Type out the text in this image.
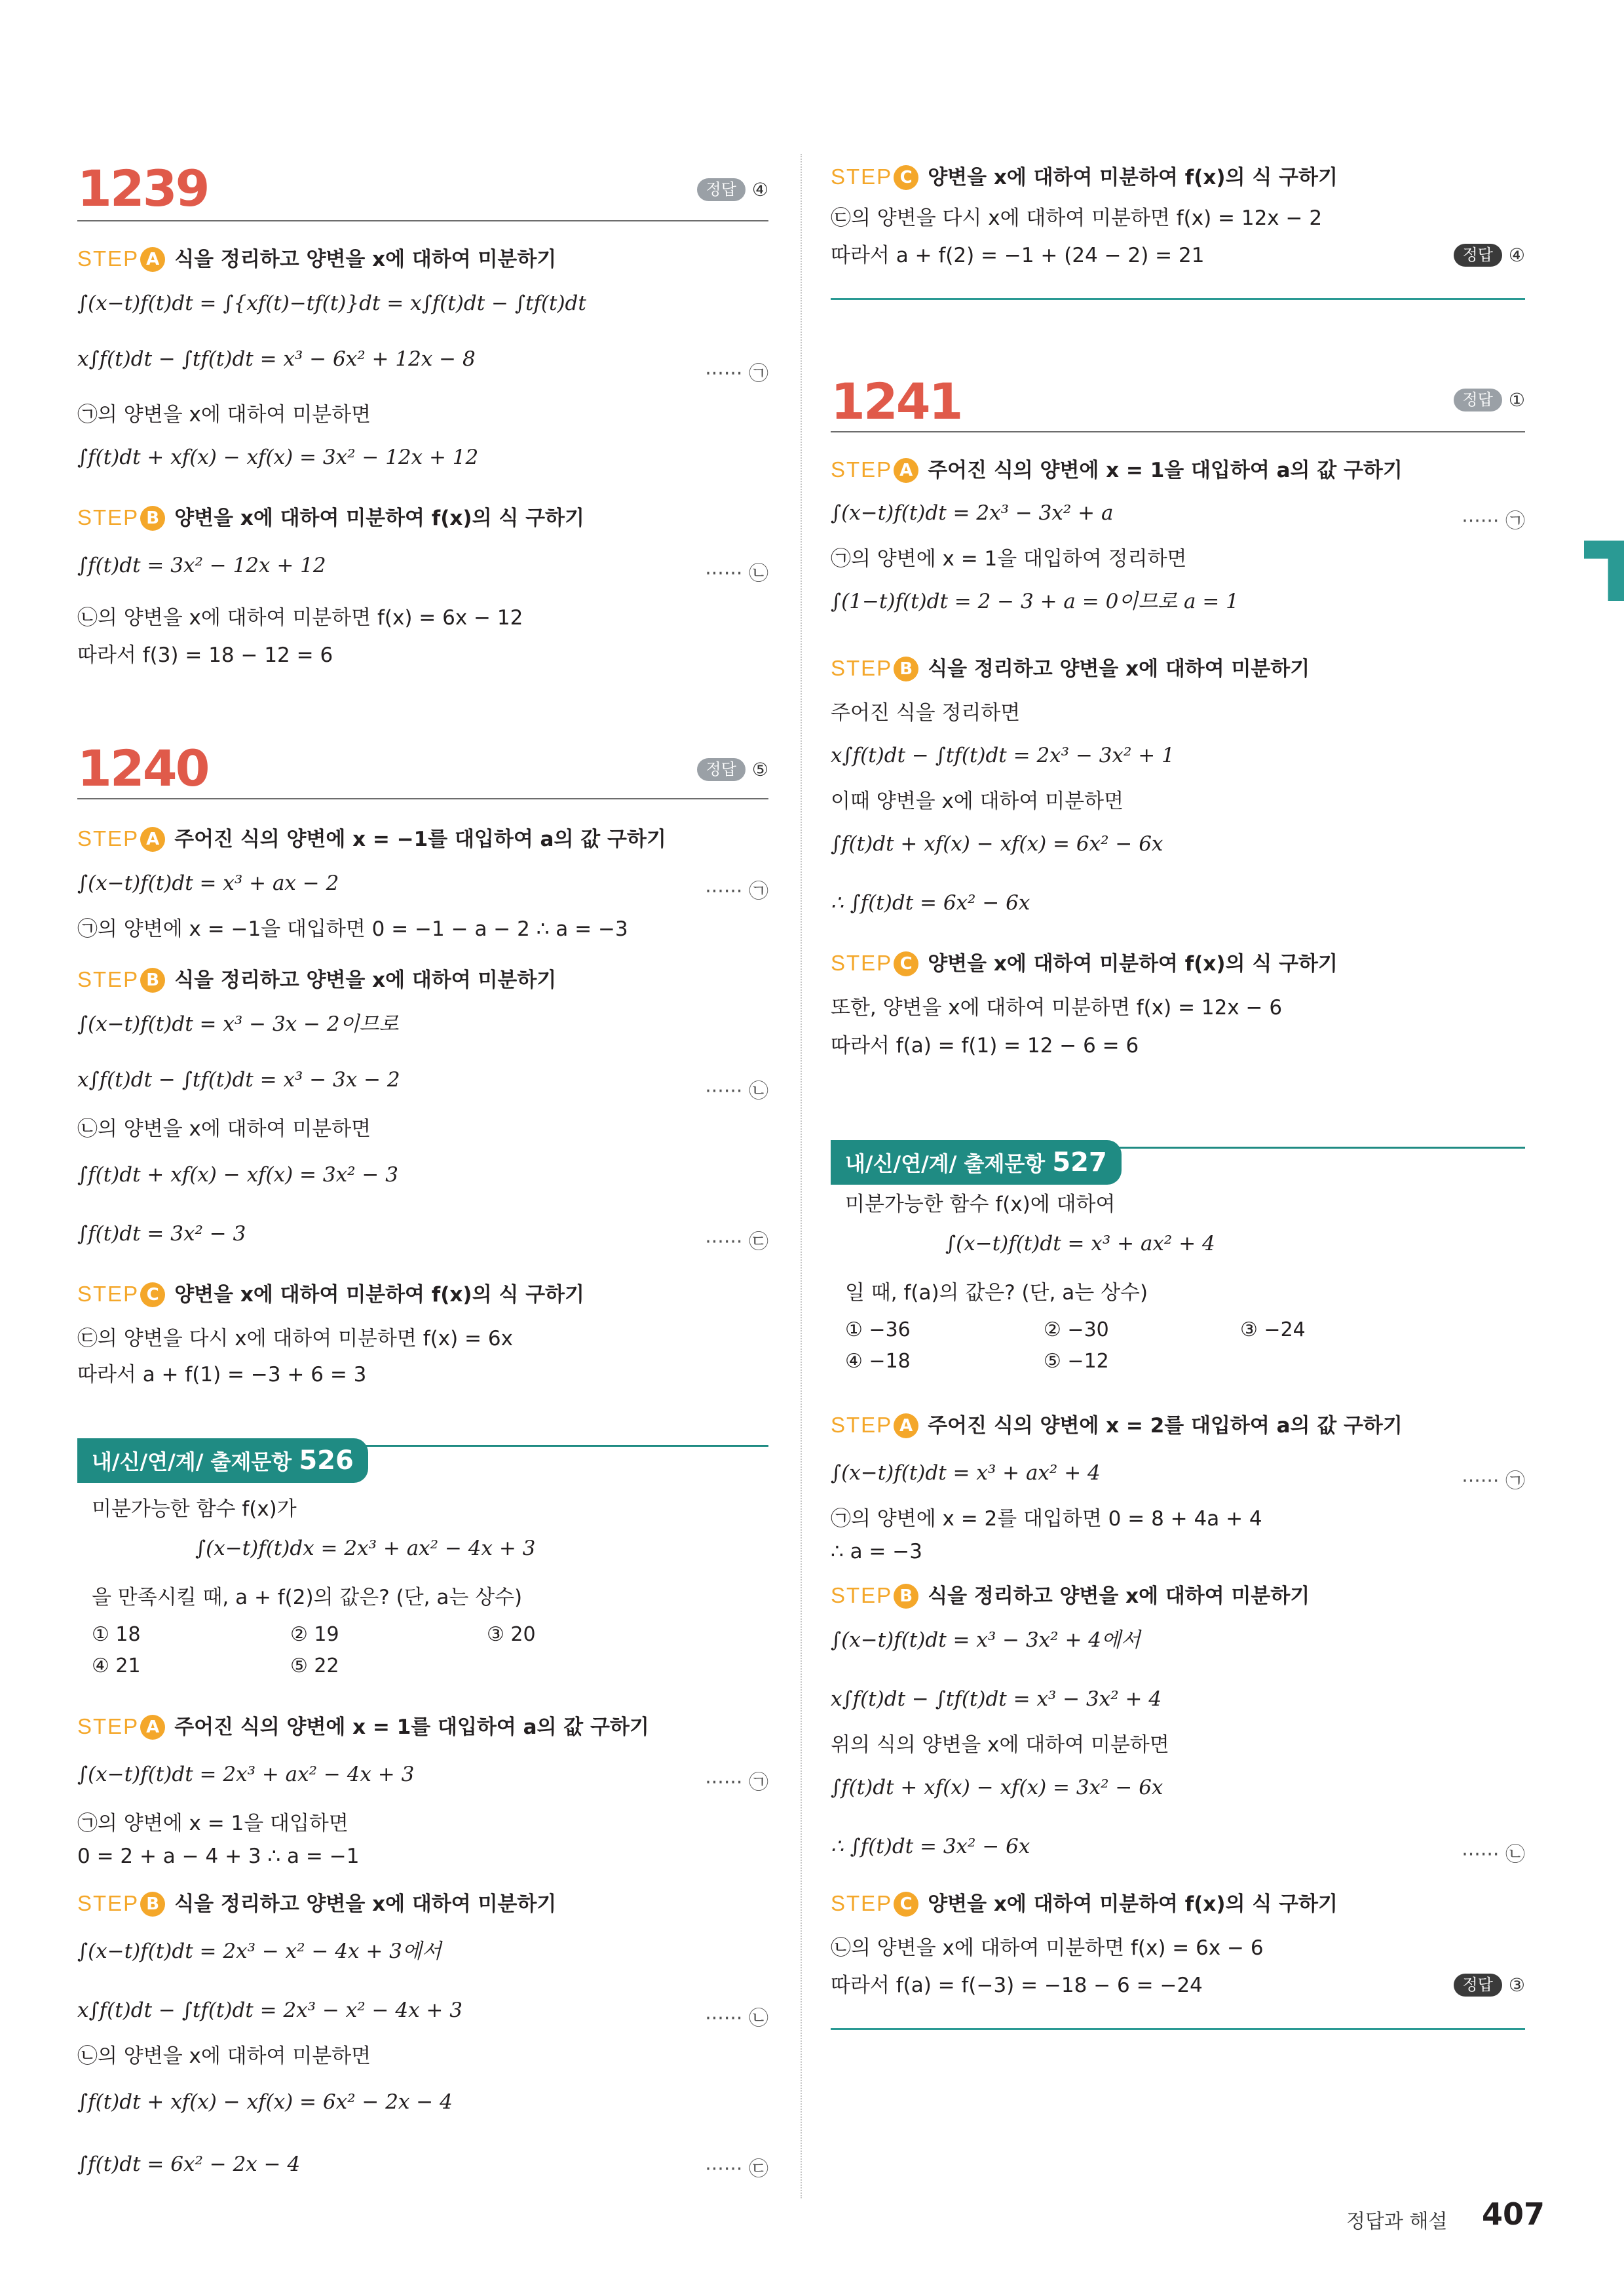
1239	정답 ④
STEP A 식을 정리하고 양변을 x에 대하여 미분하기
∫(x−t)f(t)dt = ∫{xf(t)−tf(t)}dt = x∫f(t)dt − ∫tf(t)dt
x∫f(t)dt − ∫tf(t)dt = x³ − 6x² + 12x − 8
······ ㉠
㉠의 양변을 x에 대하여 미분하면
∫f(t)dt + xf(x) − xf(x) = 3x² − 12x + 12
STEP B 양변을 x에 대하여 미분하여 f(x)의 식 구하기
∫f(t)dt = 3x² − 12x + 12	······ ㉡
㉡의 양변을 x에 대하여 미분하면 f(x) = 6x − 12
따라서 f(3) = 18 − 12 = 6
1240	정답 ⑤
STEP A 주어진 식의 양변에 x = −1를 대입하여 a의 값 구하기
∫(x−t)f(t)dt = x³ + ax − 2	······ ㉠
㉠의 양변에 x = −1을 대입하면 0 = −1 − a − 2 ∴ a = −3
STEP B 식을 정리하고 양변을 x에 대하여 미분하기
∫(x−t)f(t)dt = x³ − 3x − 2이므로
x∫f(t)dt − ∫tf(t)dt = x³ − 3x − 2	······ ㉡
㉡의 양변을 x에 대하여 미분하면
∫f(t)dt + xf(x) − xf(x) = 3x² − 3
∫f(t)dt = 3x² − 3	······ ㉢
STEP C 양변을 x에 대하여 미분하여 f(x)의 식 구하기
㉢의 양변을 다시 x에 대하여 미분하면 f(x) = 6x
따라서 a + f(1) = −3 + 6 = 3
내/신/연/계/ 출제문항 526
미분가능한 함수 f(x)가
∫(x−t)f(t)dx = 2x³ + ax² − 4x + 3
을 만족시킬 때, a + f(2)의 값은? (단, a는 상수)
① 18	② 19	③ 20
④ 21	⑤ 22
STEP A 주어진 식의 양변에 x = 1를 대입하여 a의 값 구하기
∫(x−t)f(t)dt = 2x³ + ax² − 4x + 3	······ ㉠
㉠의 양변에 x = 1을 대입하면
0 = 2 + a − 4 + 3 ∴ a = −1
STEP B 식을 정리하고 양변을 x에 대하여 미분하기
∫(x−t)f(t)dt = 2x³ − x² − 4x + 3에서
x∫f(t)dt − ∫tf(t)dt = 2x³ − x² − 4x + 3	······ ㉡
㉡의 양변을 x에 대하여 미분하면
∫f(t)dt + xf(x) − xf(x) = 6x² − 2x − 4
∫f(t)dt = 6x² − 2x − 4	······ ㉢
STEP C 양변을 x에 대하여 미분하여 f(x)의 식 구하기
㉢의 양변을 다시 x에 대하여 미분하면 f(x) = 12x − 2
따라서 a + f(2) = −1 + (24 − 2) = 21	정답 ④
1241	정답 ①
STEP A 주어진 식의 양변에 x = 1을 대입하여 a의 값 구하기
∫(x−t)f(t)dt = 2x³ − 3x² + a	······ ㉠
㉠의 양변에 x = 1을 대입하여 정리하면
∫(1−t)f(t)dt = 2 − 3 + a = 0이므로 a = 1
STEP B 식을 정리하고 양변을 x에 대하여 미분하기
주어진 식을 정리하면
x∫f(t)dt − ∫tf(t)dt = 2x³ − 3x² + 1
이때 양변을 x에 대하여 미분하면
∫f(t)dt + xf(x) − xf(x) = 6x² − 6x
∴ ∫f(t)dt = 6x² − 6x
STEP C 양변을 x에 대하여 미분하여 f(x)의 식 구하기
또한, 양변을 x에 대하여 미분하면 f(x) = 12x − 6
따라서 f(a) = f(1) = 12 − 6 = 6
내/신/연/계/ 출제문항 527
미분가능한 함수 f(x)에 대하여
∫(x−t)f(t)dt = x³ + ax² + 4
일 때, f(a)의 값은? (단, a는 상수)
① −36	② −30	③ −24
④ −18	⑤ −12
STEP A 주어진 식의 양변에 x = 2를 대입하여 a의 값 구하기
∫(x−t)f(t)dt = x³ + ax² + 4	······ ㉠
㉠의 양변에 x = 2를 대입하면 0 = 8 + 4a + 4
∴ a = −3
STEP B 식을 정리하고 양변을 x에 대하여 미분하기
∫(x−t)f(t)dt = x³ − 3x² + 4에서
x∫f(t)dt − ∫tf(t)dt = x³ − 3x² + 4
위의 식의 양변을 x에 대하여 미분하면
∫f(t)dt + xf(x) − xf(x) = 3x² − 6x
∴ ∫f(t)dt = 3x² − 6x	······ ㉡
STEP C 양변을 x에 대하여 미분하여 f(x)의 식 구하기
㉡의 양변을 x에 대하여 미분하면 f(x) = 6x − 6
따라서 f(a) = f(−3) = −18 − 6 = −24	정답 ③
정답과 해설 407
